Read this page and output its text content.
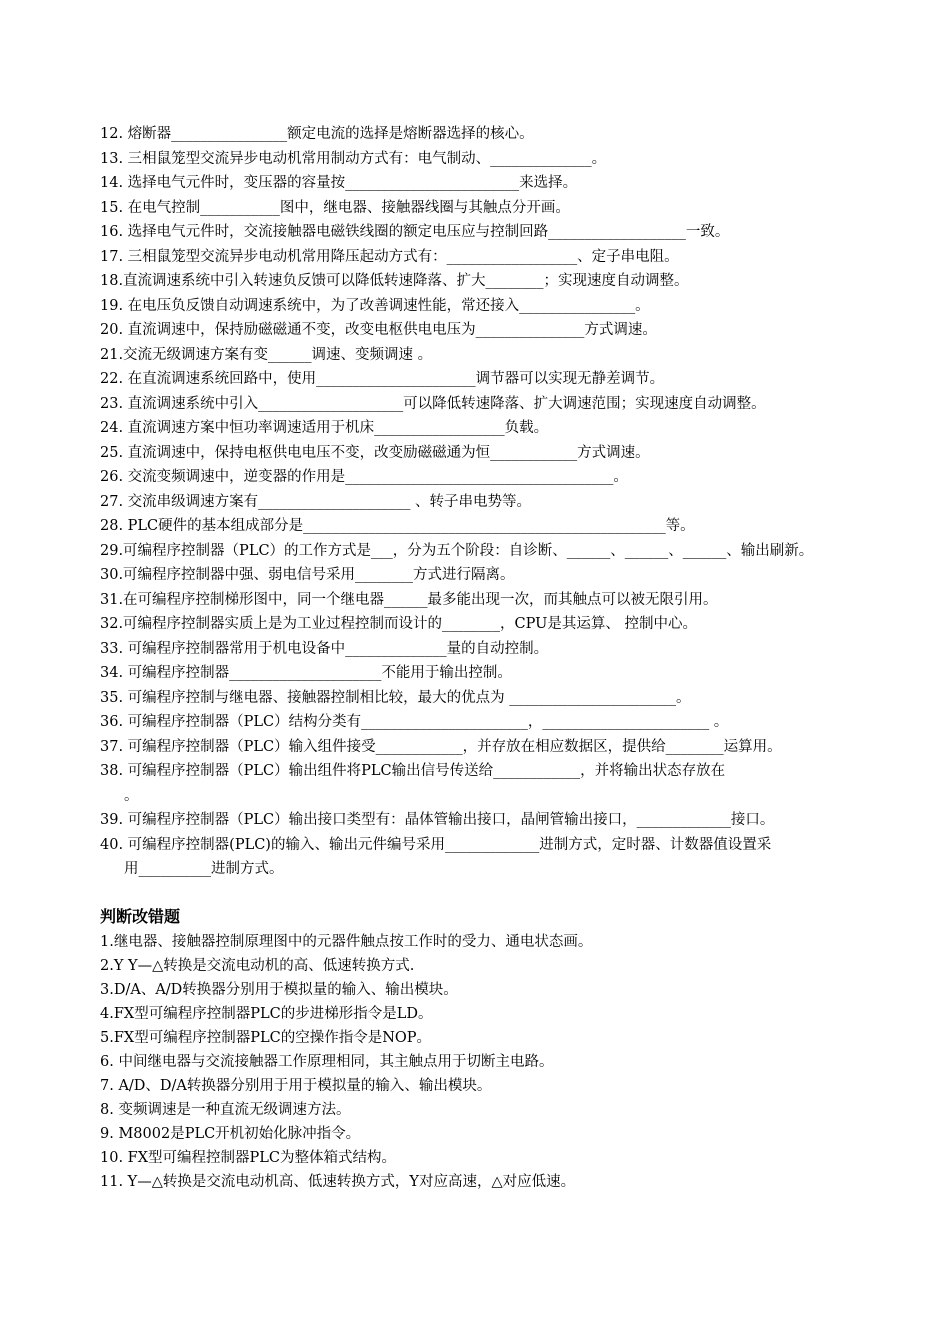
12. 熔断器________________额定电流的选择是熔断器选择的核心。
13. 三相鼠笼型交流异步电动机常用制动方式有：电气制动、______________。
14. 选择电气元件时，变压器的容量按________________________来选择。
15. 在电气控制___________图中，继电器、接触器线圈与其触点分开画。
16. 选择电气元件时，交流接触器电磁铁线圈的额定电压应与控制回路___________________一致。
17. 三相鼠笼型交流异步电动机常用降压起动方式有：__________________、定子串电阻。
18.直流调速系统中引入转速负反馈可以降低转速降落、扩大________；实现速度自动调整。
19. 在电压负反馈自动调速系统中，为了改善调速性能，常还接入________________。
20. 直流调速中，保持励磁磁通不变，改变电枢供电电压为_______________方式调速。
21.交流无级调速方案有变______调速、变频调速 。
22. 在直流调速系统回路中，使用______________________调节器可以实现无静差调节。
23. 直流调速系统中引入____________________可以降低转速降落、扩大调速范围；实现速度自动调整。
24. 直流调速方案中恒功率调速适用于机床__________________负载。
25. 直流调速中，保持电枢供电电压不变，改变励磁磁通为恒____________方式调速。
26. 交流变频调速中，逆变器的作用是_____________________________________。
27. 交流串级调速方案有_____________________ 、转子串电势等。
28. PLC硬件的基本组成部分是__________________________________________________等。
29.可编程序控制器（PLC）的工作方式是___，分为五个阶段：自诊断、______、______、______、输出刷新。
30.可编程序控制器中强、弱电信号采用________方式进行隔离。
31.在可编程序控制梯形图中，同一个继电器______最多能出现一次，而其触点可以被无限引用。
32.可编程序控制器实质上是为工业过程控制而设计的________，CPU是其运算、 控制中心。
33. 可编程序控制器常用于机电设备中______________量的自动控制。
34. 可编程序控制器_____________________不能用于输出控制。
35. 可编程序控制与继电器、接触器控制相比较，最大的优点为 _______________________。
36. 可编程序控制器（PLC）结构分类有_______________________，_______________________ 。
37. 可编程序控制器（PLC）输入组件接受____________，并存放在相应数据区，提供给________运算用。
38. 可编程序控制器（PLC）输出组件将PLC输出信号传送给____________，并将输出状态存放在
。
39. 可编程序控制器（PLC）输出接口类型有：晶体管输出接口，晶闸管输出接口，_____________接口。
40. 可编程序控制器(PLC)的输入、输出元件编号采用_____________进制方式，定时器、计数器值设置采
用__________进制方式。
判断改错题
1.继电器、接触器控制原理图中的元器件触点按工作时的受力、通电状态画。
2.Y Y—△转换是交流电动机的高、低速转换方式.
3.D/A、A/D转换器分别用于模拟量的输入、输出模块。
4.FX型可编程序控制器PLC的步进梯形指令是LD。
5.FX型可编程序控制器PLC的空操作指令是NOP。
6. 中间继电器与交流接触器工作原理相同，其主触点用于切断主电路。
7. A/D、D/A转换器分别用于用于模拟量的输入、输出模块。
8. 变频调速是一种直流无级调速方法。
9. M8002是PLC开机初始化脉冲指令。
10. FX型可编程控制器PLC为整体箱式结构。
11. Y—△转换是交流电动机高、低速转换方式，Y对应高速，△对应低速。
